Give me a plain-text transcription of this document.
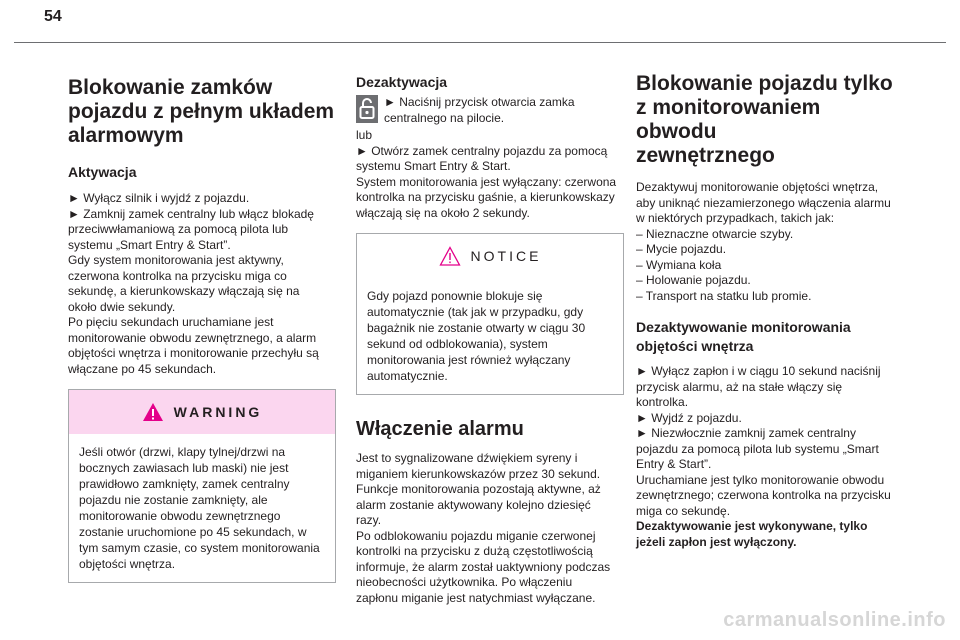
54
Blokowanie zamków
pojazdu z pełnym układem
alarmowym
Aktywacja
► Wyłącz silnik i wyjdź z pojazdu.
► Zamknij zamek centralny lub włącz blokadę
przeciwwłamaniową za pomocą pilota lub
systemu „Smart Entry & Start”.
Gdy system monitorowania jest aktywny,
czerwona kontrolka na przycisku miga co
sekundę, a kierunkowskazy włączają się na
około dwie sekundy.
Po pięciu sekundach uruchamiane jest
monitorowanie obwodu zewnętrznego, a alarm
objętości wnętrza i monitorowanie przechyłu są
włączane po 45 sekundach.
WARNING
Jeśli otwór (drzwi, klapy tylnej/drzwi na
bocznych zawiasach lub maski) nie jest
prawidłowo zamknięty, zamek centralny
pojazdu nie zostanie zamknięty, ale
monitorowanie obwodu zewnętrznego
zostanie uruchomione po 45 sekundach, w
tym samym czasie, co system monitorowania
objętości wnętrza.
Dezaktywacja
► Naciśnij przycisk otwarcia zamka
centralnego na pilocie.
lub
► Otwórz zamek centralny pojazdu za pomocą
systemu Smart Entry & Start.
System monitorowania jest wyłączany: czerwona
kontrolka na przycisku gaśnie, a kierunkowskazy
włączają się na około 2 sekundy.
NOTICE
Gdy pojazd ponownie blokuje się
automatycznie (tak jak w przypadku, gdy
bagażnik nie zostanie otwarty w ciągu 30
sekund od odblokowania), system
monitorowania jest również wyłączany
automatycznie.
Włączenie alarmu
Jest to sygnalizowane dźwiękiem syreny i
miganiem kierunkowskazów przez 30 sekund.
Funkcje monitorowania pozostają aktywne, aż
alarm zostanie aktywowany kolejno dziesięć
razy.
Po odblokowaniu pojazdu miganie czerwonej
kontrolki na przycisku z dużą częstotliwością
informuje, że alarm został uaktywniony podczas
nieobecności użytkownika. Po włączeniu
zapłonu miganie jest natychmiast wyłączane.
Blokowanie pojazdu tylko
z monitorowaniem obwodu
zewnętrznego
Dezaktywuj monitorowanie objętości wnętrza,
aby uniknąć niezamierzonego włączenia alarmu
w niektórych przypadkach, takich jak:
– Nieznaczne otwarcie szyby.
– Mycie pojazdu.
– Wymiana koła
– Holowanie pojazdu.
– Transport na statku lub promie.
Dezaktywowanie monitorowania
objętości wnętrza
► Wyłącz zapłon i w ciągu 10 sekund naciśnij
przycisk alarmu, aż na stałe włączy się
kontrolka.
► Wyjdź z pojazdu.
► Niezwłocznie zamknij zamek centralny
pojazdu za pomocą pilota lub systemu „Smart
Entry & Start”.
Uruchamiane jest tylko monitorowanie obwodu
zewnętrznego; czerwona kontrolka na przycisku
miga co sekundę.
Dezaktywowanie jest wykonywane, tylko
jeżeli zapłon jest wyłączony.
carmanualsonline.info
